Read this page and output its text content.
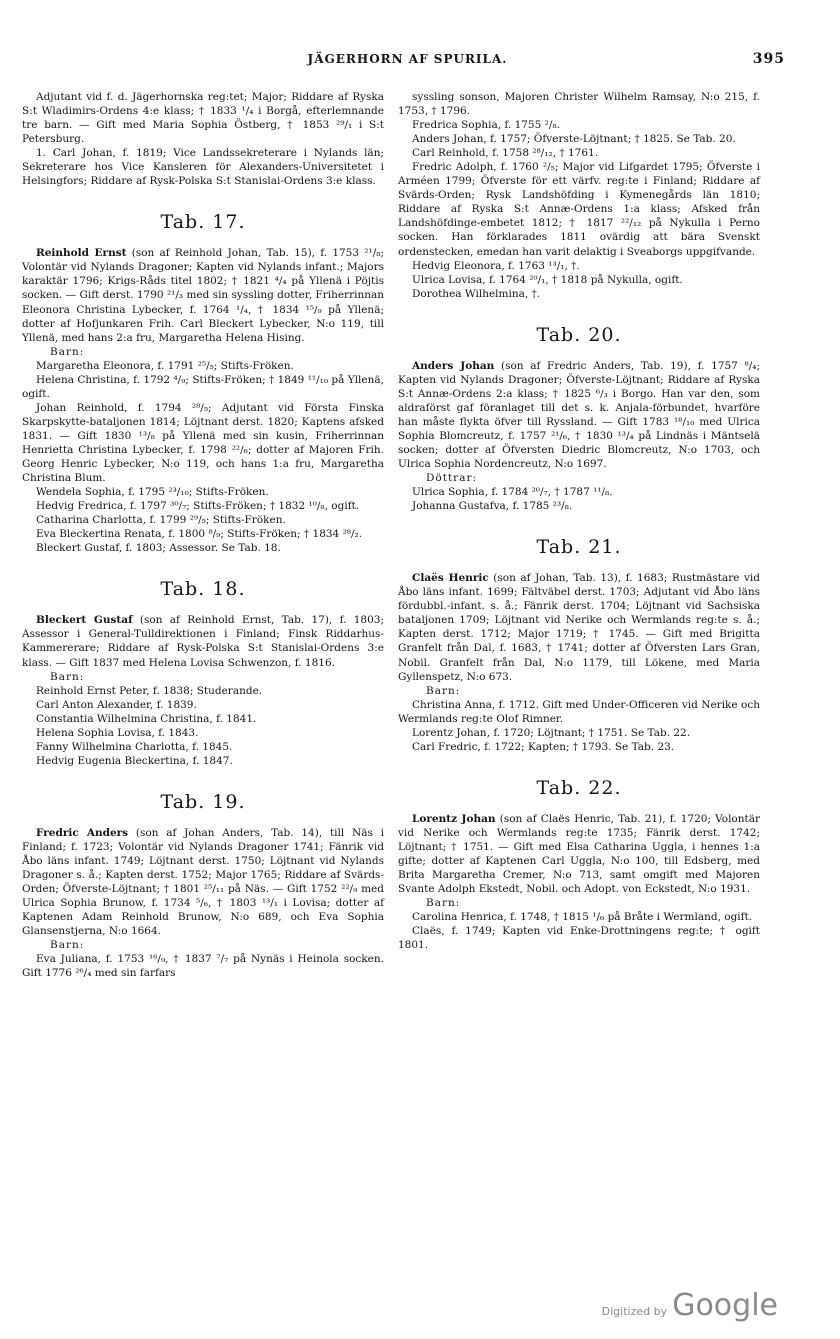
JÄGERHORN AF SPURILA.	395

Adjutant vid f. d. Jägerhornska reg:tet; Major; Riddare af Ryska S:t Wladimirs-Ordens 4:e klass; † 1833 ¹/₄ i Borgå, efterlemnande tre barn. — Gift med Maria Sophia Östberg, † 1853 ²⁹/₁ i S:t Petersburg.

1. Carl Johan, f. 1819; Vice Landssekreterare i Nylands län; Sekreterare hos Vice Kansleren för Alexanders-Universitetet i Helsingfors; Riddare af Rysk-Polska S:t Stanislai-Ordens 3:e klass.

Tab. 17.

Reinhold Ernst (son af Reinhold Johan, Tab. 15), f. 1753 ²¹/₈; Volontär vid Nylands Dragoner; Kapten vid Nylands infant.; Majors karaktär 1796; Krigs-Råds titel 1802; † 1821 ⁴/₄ på Yllenä i Pöjtis socken. — Gift derst. 1790 ²¹/₃ med sin syssling dotter, Friherrinnan Eleonora Christina Lybecker, f. 1764 ¹/₄, † 1834 ¹⁵/₉ på Yllenä; dotter af Hofjunkaren Frih. Carl Bleckert Lybecker, N:o 119, till Yllenä, med hans 2:a fru, Margaretha Helena Hising.

Barn:

Margaretha Eleonora, f. 1791 ²⁵/₅; Stifts-Fröken.

Helena Christina, f. 1792 ⁴/₉; Stifts-Fröken; † 1849 ¹¹/₁₀ på Yllenä, ogift.

Johan Reinhold, f. 1794 ²⁸/₅; Adjutant vid Första Finska Skarpskytte-bataljonen 1814; Löjtnant derst. 1820; Kaptens afsked 1831. — Gift 1830 ¹³/₈ på Yllenä med sin kusin, Friherrinnan Henrietta Christina Lybecker, f. 1798 ²²/₆; dotter af Majoren Frih. Georg Henric Lybecker, N:o 119, och hans 1:a fru, Margaretha Christina Blum.

Wendela Sophia, f. 1795 ²³/₁₀; Stifts-Fröken.

Hedvig Fredrica, f. 1797 ³⁰/₇; Stifts-Fröken; † 1832 ¹⁰/₈, ogift.

Catharina Charlotta, f. 1799 ²⁹/₅; Stifts-Fröken.

Eva Bleckertina Renata, f. 1800 ⁸/₉; Stifts-Fröken; † 1834 ²⁸/₂.

Bleckert Gustaf, f. 1803; Assessor. Se Tab. 18.

Tab. 18.

Bleckert Gustaf (son af Reinhold Ernst, Tab. 17), f. 1803; Assessor i General-Tulldirektionen i Finland; Finsk Riddarhus-Kammererare; Riddare af Rysk-Polska S:t Stanislai-Ordens 3:e klass. — Gift 1837 med Helena Lovisa Schwenzon, f. 1816.

Barn:

Reinhold Ernst Peter, f. 1838; Studerande.

Carl Anton Alexander, f. 1839.

Constantia Wilhelmina Christina, f. 1841.

Helena Sophia Lovisa, f. 1843.

Fanny Wilhelmina Charlotta, f. 1845.

Hedvig Eugenia Bleckertina, f. 1847.

Tab. 19.

Fredric Anders (son af Johan Anders, Tab. 14), till Näs i Finland; f. 1723; Volontär vid Nylands Dragoner 1741; Fänrik vid Åbo läns infant. 1749; Löjtnant derst. 1750; Löjtnant vid Nylands Dragoner s. å.; Kapten derst. 1752; Major 1765; Riddare af Svärds-Orden; Öfverste-Löjtnant; † 1801 ²⁵/₁₁ på Näs. — Gift 1752 ²²/₉ med Ulrica Sophia Brunow, f. 1734 ⁵/₆, † 1803 ¹³/₁ i Lovisa; dotter af Kaptenen Adam Reinhold Brunow, N:o 689, och Eva Sophia Glansenstjerna, N:o 1664.

Barn:

Eva Juliana, f. 1753 ¹⁶/₉, † 1837 ⁷/₇ på Nynäs i Heinola socken. Gift 1776 ²⁶/₄ med sin farfars

syssling sonson, Majoren Christer Wilhelm Ramsay, N:o 215, f. 1753, † 1796.

Fredrica Sophia, f. 1755 ²/₈.

Anders Johan, f. 1757; Öfverste-Löjtnant; † 1825. Se Tab. 20.

Carl Reinhold, f. 1758 ²⁸/₁₂, † 1761.

Fredric Adolph, f. 1760 ²/₅; Major vid Lifgardet 1795; Öfverste i Arméen 1799; Öfverste för ett värfv. reg:te i Finland; Riddare af Svärds-Orden; Rysk Landshöfding i Kymenegårds län 1810; Riddare af Ryska S:t Annæ-Ordens 1:a klass; Afsked från Landshöfdinge-embetet 1812; † 1817 ²²/₁₂ på Nykulla i Perno socken. Han förklarades 1811 ovärdig att bära Svenskt ordenstecken, emedan han varit delaktig i Sveaborgs uppgifvande.

Hedvig Eleonora, f. 1763 ¹³/₁, †.

Ulrica Lovisa, f. 1764 ²⁰/₁, † 1818 på Nykulla, ogift.

Dorothea Wilhelmina, †.

Tab. 20.

Anders Johan (son af Fredric Anders, Tab. 19), f. 1757 ⁸/₄; Kapten vid Nylands Dragoner; Öfverste-Löjtnant; Riddare af Ryska S:t Annæ-Ordens 2:a klass; † 1825 ⁶/₃ i Borgo. Han var den, som aldraförst gaf föranlaget till det s. k. Anjala-förbundet, hvarföre han måste flykta öfver till Ryssland. — Gift 1783 ¹⁸/₁₀ med Ulrica Sophia Blomcreutz, f. 1757 ²¹/₆, † 1830 ¹³/₄ på Lindnäs i Mäntselä socken; dotter af Öfversten Diedric Blomcreutz, N:o 1703, och Ulrica Sophia Nordencreutz, N:o 1697.

Döttrar:

Ulrica Sophia, f. 1784 ²⁰/₇, † 1787 ¹¹/₈.

Johanna Gustafva, f. 1785 ²³/₈.

Tab. 21.

Claës Henric (son af Johan, Tab. 13), f. 1683; Rustmästare vid Åbo läns infant. 1699; Fältväbel derst. 1703; Adjutant vid Åbo läns fördubbl.-infant. s. å.; Fänrik derst. 1704; Löjtnant vid Sachsiska bataljonen 1709; Löjtnant vid Nerike och Wermlands reg:te s. å.; Kapten derst. 1712; Major 1719; † 1745. — Gift med Brigitta Granfelt från Dal, f. 1683, † 1741; dotter af Öfversten Lars Gran, Nobil. Granfelt från Dal, N:o 1179, till Lökene, med Maria Gyllenspetz, N:o 673.

Barn:

Christina Anna, f. 1712. Gift med Under-Officeren vid Nerike och Wermlands reg:te Olof Rimner.

Lorentz Johan, f. 1720; Löjtnant; † 1751. Se Tab. 22.

Carl Fredric, f. 1722; Kapten; † 1793. Se Tab. 23.

Tab. 22.

Lorentz Johan (son af Claës Henric, Tab. 21), f. 1720; Volontär vid Nerike och Wermlands reg:te 1735; Fänrik derst. 1742; Löjtnant; † 1751. — Gift med Elsa Catharina Uggla, i hennes 1:a gifte; dotter af Kaptenen Carl Uggla, N:o 100, till Edsberg, med Brita Margaretha Cremer, N:o 713, samt omgift med Majoren Svante Adolph Ekstedt, Nobil. och Adopt. von Eckstedt, N:o 1931.

Barn:

Carolina Henrica, f. 1748, † 1815 ¹/₆ på Bråte i Wermland, ogift.

Claës, f. 1749; Kapten vid Enke-Drottningens reg:te; † ogift 1801.

Digitized by Google
